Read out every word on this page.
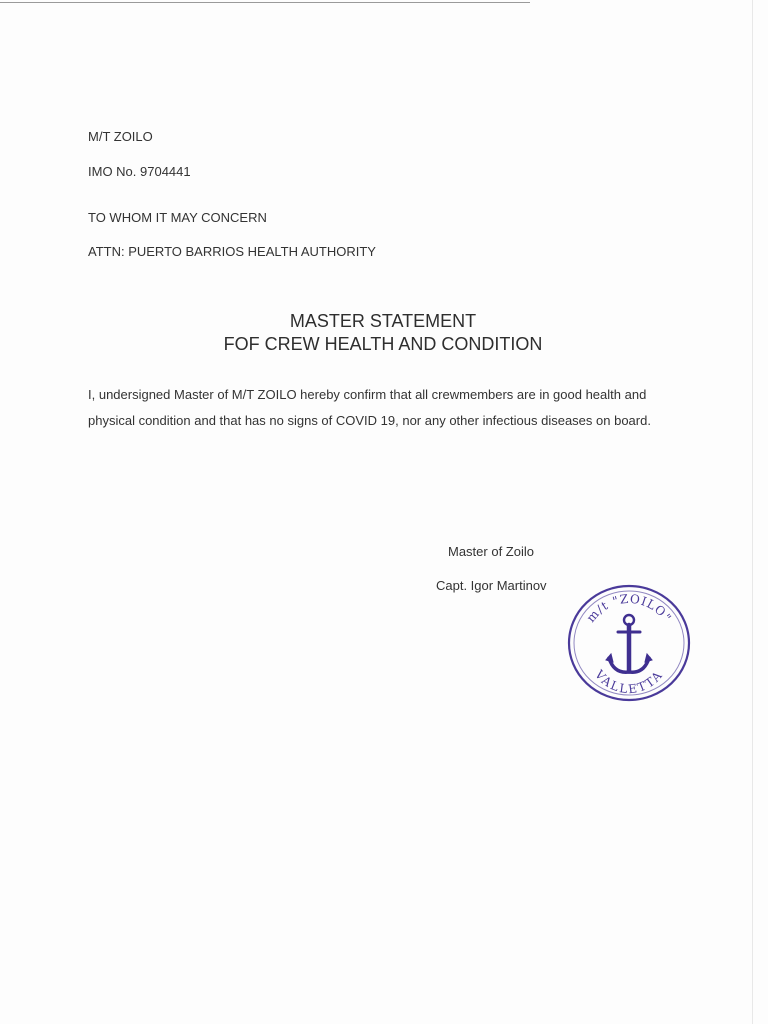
M/T ZOILO
IMO No. 9704441
TO WHOM IT MAY CONCERN
ATTN: PUERTO BARRIOS HEALTH AUTHORITY
MASTER STATEMENT
FOF CREW HEALTH AND CONDITION
I, undersigned Master of M/T ZOILO hereby confirm that all crewmembers are in good health and physical condition and that has no signs of COVID 19, nor any other infectious diseases on board.
Master of Zoilo
Capt. Igor Martinov
m/t "ZOILO"
VALLETTA
